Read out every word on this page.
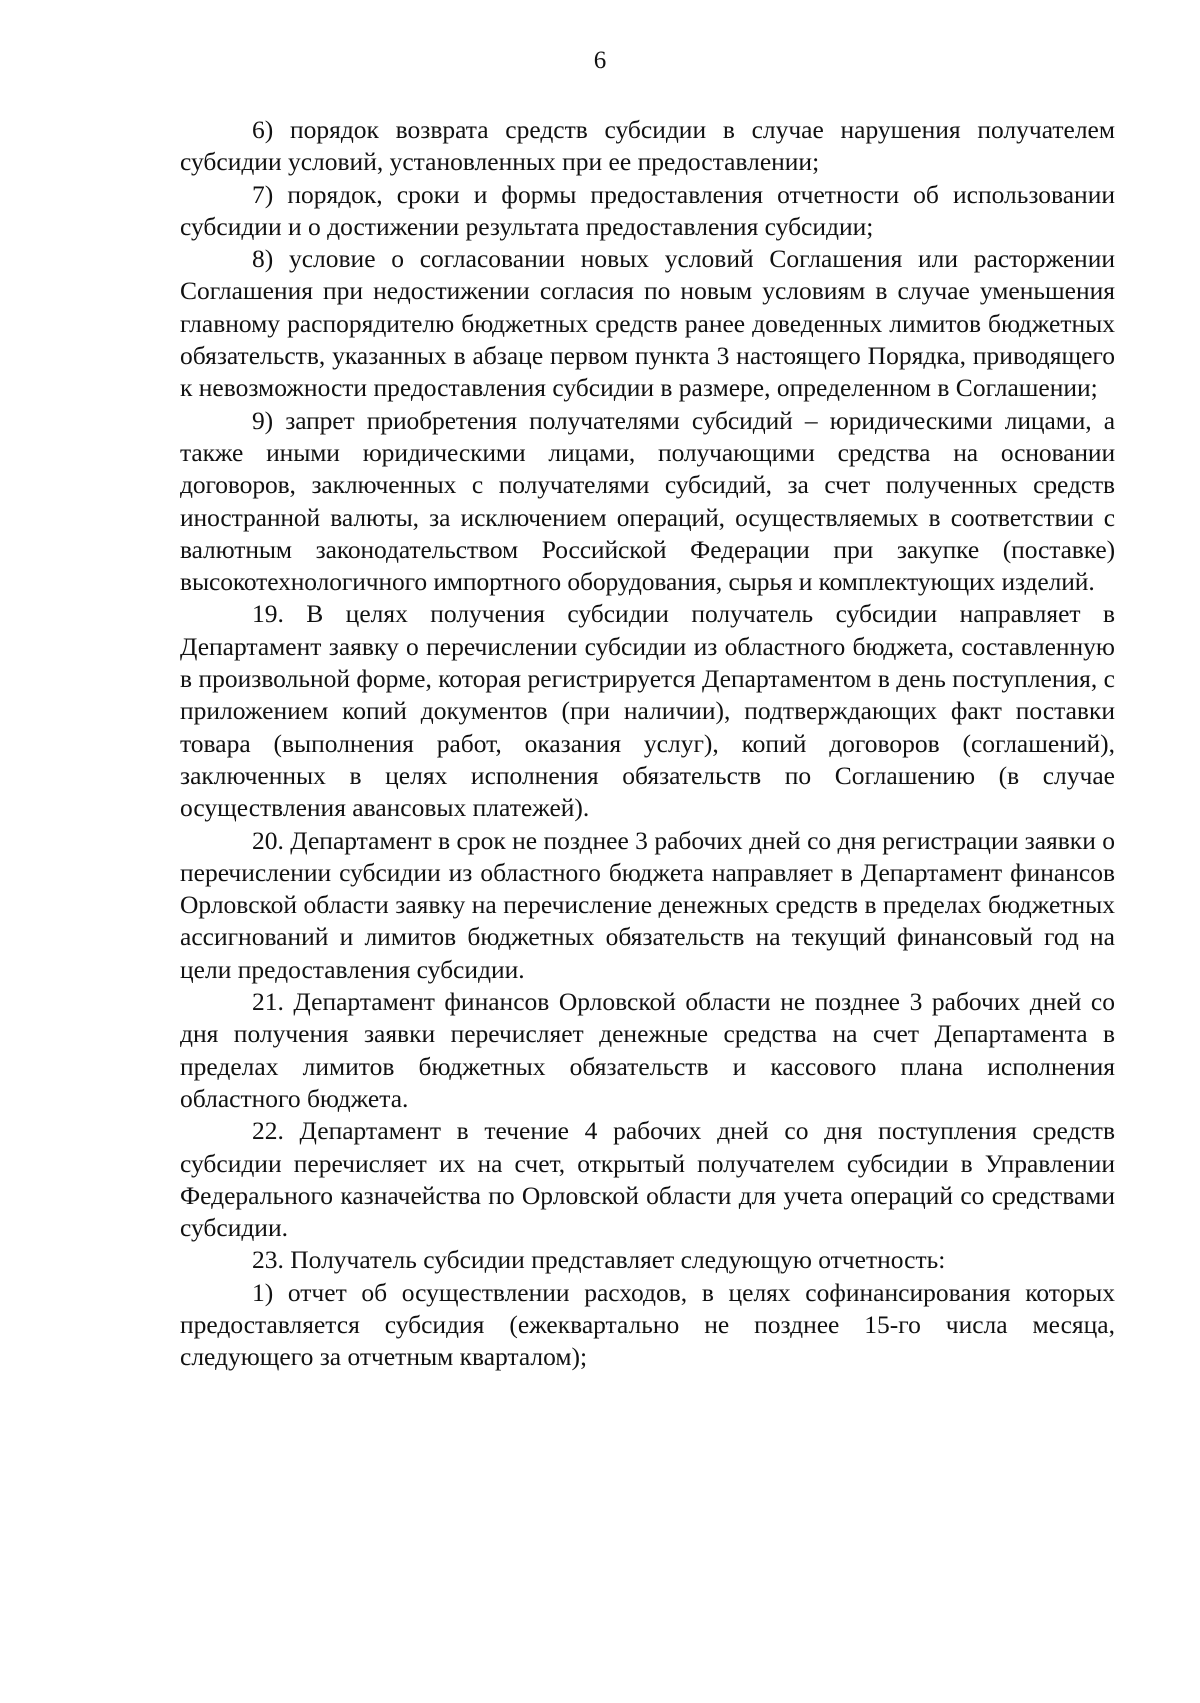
6

6) порядок возврата средств субсидии в случае нарушения получателем субсидии условий, установленных при ее предоставлении;

7) порядок, сроки и формы предоставления отчетности об использовании субсидии и о достижении результата предоставления субсидии;

8) условие о согласовании новых условий Соглашения или расторжении Соглашения при недостижении согласия по новым условиям в случае уменьшения главному распорядителю бюджетных средств ранее доведенных лимитов бюджетных обязательств, указанных в абзаце первом пункта 3 настоящего Порядка, приводящего к невозможности предоставления субсидии в размере, определенном в Соглашении;

9) запрет приобретения получателями субсидий – юридическими лицами, а также иными юридическими лицами, получающими средства на основании договоров, заключенных с получателями субсидий, за счет полученных средств иностранной валюты, за исключением операций, осуществляемых в соответствии с валютным законодательством Российской Федерации при закупке (поставке) высокотехнологичного импортного оборудования, сырья и комплектующих изделий.

19. В целях получения субсидии получатель субсидии направляет в Департамент заявку о перечислении субсидии из областного бюджета, составленную в произвольной форме, которая регистрируется Департаментом в день поступления, с приложением копий документов (при наличии), подтверждающих факт поставки товара (выполнения работ, оказания услуг), копий договоров (соглашений), заключенных в целях исполнения обязательств по Соглашению (в случае осуществления авансовых платежей).

20. Департамент в срок не позднее 3 рабочих дней со дня регистрации заявки о перечислении субсидии из областного бюджета направляет в Департамент финансов Орловской области заявку на перечисление денежных средств в пределах бюджетных ассигнований и лимитов бюджетных обязательств на текущий финансовый год на цели предоставления субсидии.

21. Департамент финансов Орловской области не позднее 3 рабочих дней со дня получения заявки перечисляет денежные средства на счет Департамента в пределах лимитов бюджетных обязательств и кассового плана исполнения областного бюджета.

22. Департамент в течение 4 рабочих дней со дня поступления средств субсидии перечисляет их на счет, открытый получателем субсидии в Управлении Федерального казначейства по Орловской области для учета операций со средствами субсидии.

23. Получатель субсидии представляет следующую отчетность:

1) отчет об осуществлении расходов, в целях софинансирования которых предоставляется субсидия (ежеквартально не позднее 15-го числа месяца, следующего за отчетным кварталом);
